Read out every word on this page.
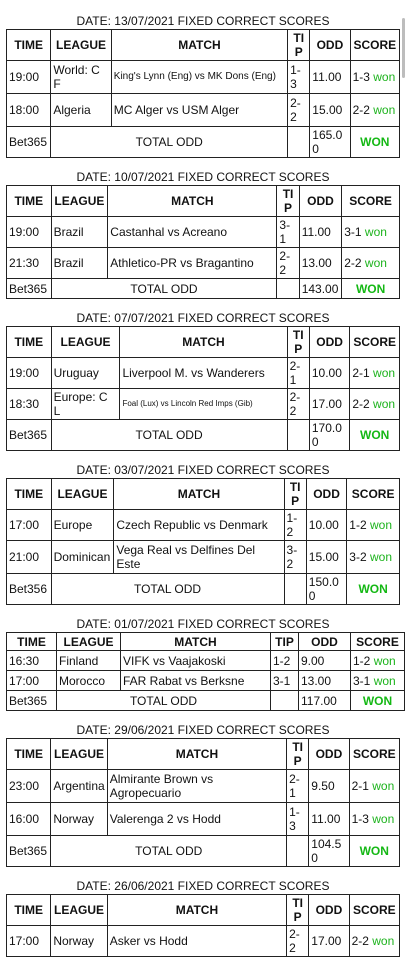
DATE: 13/07/2021 FIXED CORRECT SCORES
TIME	LEAGUE	MATCH	TIP	ODD	SCORE
19:00	World: C F	King's Lynn (Eng) vs MK Dons (Eng)	1-3	11.00	1-3 won
18:00	Algeria	MC Alger vs USM Alger	2-2	15.00	2-2 won
Bet365	TOTAL ODD			165.00	WON
DATE: 10/07/2021 FIXED CORRECT SCORES
TIME	LEAGUE	MATCH	TIP	ODD	SCORE
19:00	Brazil	Castanhal vs Acreano	3-1	11.00	3-1 won
21:30	Brazil	Athletico-PR vs Bragantino	2-2	13.00	2-2 won
Bet365	TOTAL ODD			143.00	WON
DATE: 07/07/2021 FIXED CORRECT SCORES
TIME	LEAGUE	MATCH	TIP	ODD	SCORE
19:00	Uruguay	Liverpool M. vs Wanderers	2-1	10.00	2-1 won
18:30	Europe: C L	Foal (Lux) vs Lincoln Red Imps (Gib)	2-2	17.00	2-2 won
Bet365	TOTAL ODD			170.00	WON
DATE: 03/07/2021 FIXED CORRECT SCORES
TIME	LEAGUE	MATCH	TIP	ODD	SCORE
17:00	Europe	Czech Republic vs Denmark	1-2	10.00	1-2 won
21:00	Dominican	Vega Real vs Delfines Del Este	3-2	15.00	3-2 won
Bet356	TOTAL ODD			150.00	WON
DATE: 01/07/2021 FIXED CORRECT SCORES
TIME	LEAGUE	MATCH	TIP	ODD	SCORE
16:30	Finland	VIFK vs Vaajakoski	1-2	9.00	1-2 won
17:00	Morocco	FAR Rabat vs Berksne	3-1	13.00	3-1 won
Bet365	TOTAL ODD			117.00	WON
DATE: 29/06/2021 FIXED CORRECT SCORES
TIME	LEAGUE	MATCH	TIP	ODD	SCORE
23:00	Argentina	Almirante Brown vs Agropecuario	2-1	9.50	2-1 won
16:00	Norway	Valerenga 2 vs Hodd	1-3	11.00	1-3 won
Bet365	TOTAL ODD			104.50	WON
DATE: 26/06/2021 FIXED CORRECT SCORES
TIME	LEAGUE	MATCH	TIP	ODD	SCORE
17:00	Norway	Asker vs Hodd	2-2	17.00	2-2 won
